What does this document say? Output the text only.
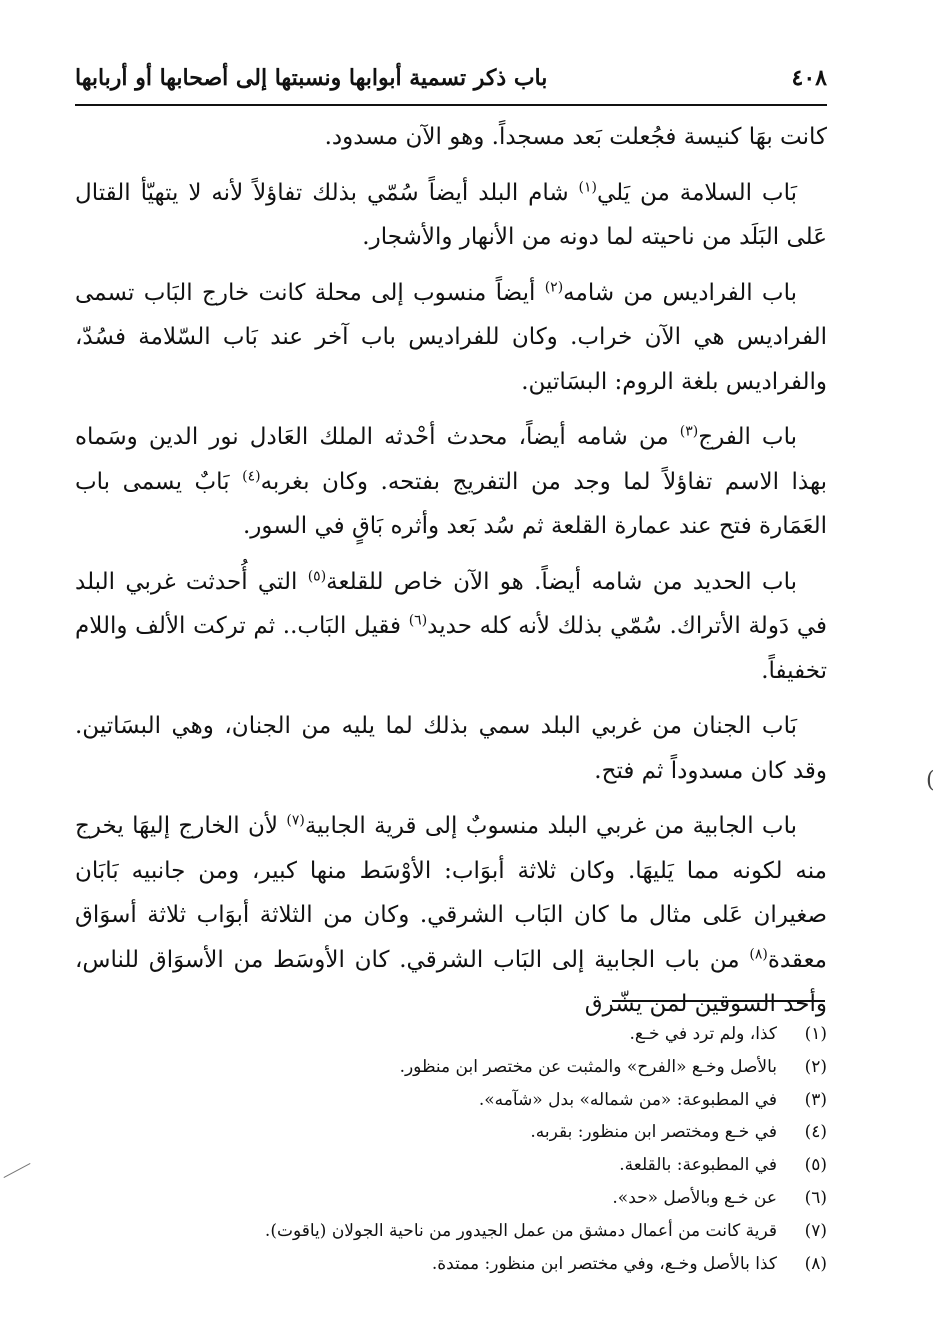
٤٠٨
باب ذكر تسمية أبوابها ونسبتها إلى أصحابها أو أربابها

كانت بهَا كنيسة فجُعلت بَعد مسجداً. وهو الآن مسدود.

بَاب السلامة من يَلي$^{(١)}$ شام البلد أيضاً سُمّي بذلك تفاؤلاً لأنه لا يتهيّأ القتال عَلى البَلَد من ناحيته لما دونه من الأنهار والأشجار.

باب الفراديس من شامه$^{(٢)}$ أيضاً منسوب إلى محلة كانت خارج البَاب تسمى الفراديس هي الآن خراب. وكان للفراديس باب آخر عند بَاب السّلامة فسُدّ، والفراديس بلغة الروم: البسَاتين.

باب الفرج$^{(٣)}$ من شامه أيضاً، محدث أحْدثه الملك العَادل نور الدين وسَماه بهذا الاسم تفاؤلاً لما وجد من التفريج بفتحه. وكان بغربه$^{(٤)}$ بَابٌ يسمى باب العَمَارة فتح عند عمارة القلعة ثم سُد بَعد وأثره بَاقٍ في السور.

باب الحديد من شامه أيضاً. هو الآن خاص للقلعة$^{(٥)}$ التي أُحدثت غربي البلد في دَولة الأتراك. سُمّي بذلك لأنه كله حديد$^{(٦)}$ فقيل البَاب.. ثم تركت الألف واللام تخفيفاً.

بَاب الجنان من غربي البلد سمي بذلك لما يليه من الجنان، وهي البسَاتين. وقد كان مسدوداً ثم فتح.

باب الجابية من غربي البلد منسوبٌ إلى قرية الجابية$^{(٧)}$ لأن الخارج إليهَا يخرج منه لكونه مما يَليهَا. وكان ثلاثة أبوَاب: الأوْسَط منها كبير، ومن جانبيه بَابَان صغيران عَلى مثال ما كان البَاب الشرقي. وكان من الثلاثة أبوَاب ثلاثة أسوَاق معقدة$^{(٨)}$ من باب الجابية إلى البَاب الشرقي. كان الأوسَط من الأسوَاق للناس، وأحد السوقين لمن يشّرق

(١)
كذا، ولم ترد في خـع.
(٢)
بالأصل وخـع «الفرح» والمثبت عن مختصر ابن منظور.
(٣)
في المطبوعة: «من شماله» بدل «شآمه».
(٤)
في خـع ومختصر ابن منظور: بقربه.
(٥)
في المطبوعة: بالقلعة.
(٦)
عن خـع وبالأصل «حد».
(٧)
قرية كانت من أعمال دمشق من عمل الجيدور من ناحية الجولان (ياقوت).
(٨)
كذا بالأصل وخـع، وفي مختصر ابن منظور: ممتدة.
(
